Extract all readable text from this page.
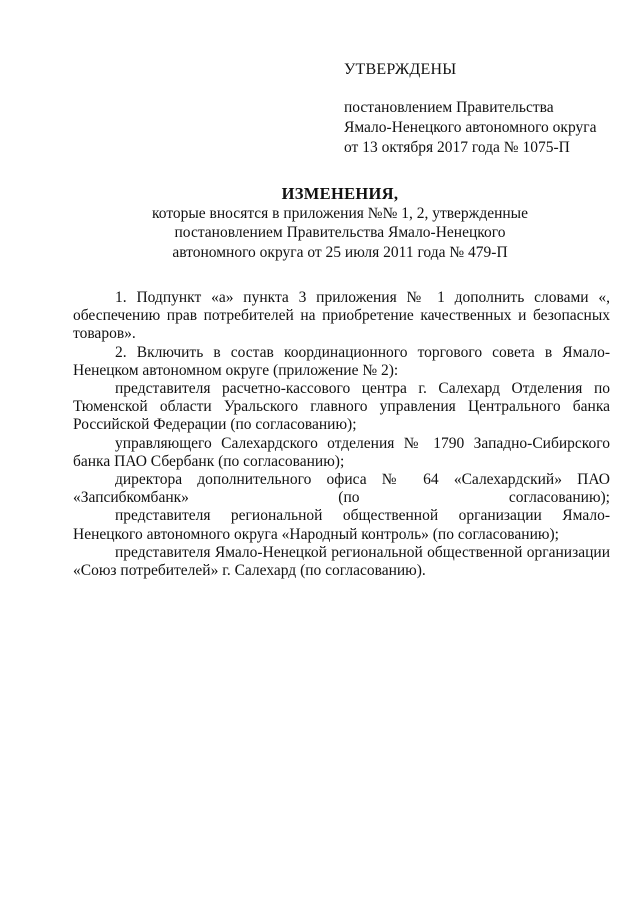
УТВЕРЖДЕНЫ
постановлением Правительства
Ямало-Ненецкого автономного округа
от 13 октября 2017 года № 1075-П
ИЗМЕНЕНИЯ,
которые вносятся в приложения №№ 1, 2, утвержденные
постановлением Правительства Ямало-Ненецкого
автономного округа от 25 июля 2011 года № 479-П

1. Подпункт «а» пункта 3 приложения № 1 дополнить словами «, обеспечению прав потребителей на приобретение качественных и безопасных товаров».

2. Включить в состав координационного торгового совета в Ямало-Ненецком автономном округе (приложение № 2):

представителя расчетно-кассового центра г. Салехард Отделения по Тюменской области Уральского главного управления Центрального банка Российской Федерации (по согласованию);

управляющего Салехардского отделения № 1790 Западно-Сибирского банка ПАО Сбербанк (по согласованию);

директора дополнительного офиса № 64 «Салехардский» ПАО «Запсибкомбанк» (по согласованию);

представителя региональной общественной организации Ямало-Ненецкого автономного округа «Народный контроль» (по согласованию);

представителя Ямало-Ненецкой региональной общественной организации «Союз потребителей» г. Салехард (по согласованию).
